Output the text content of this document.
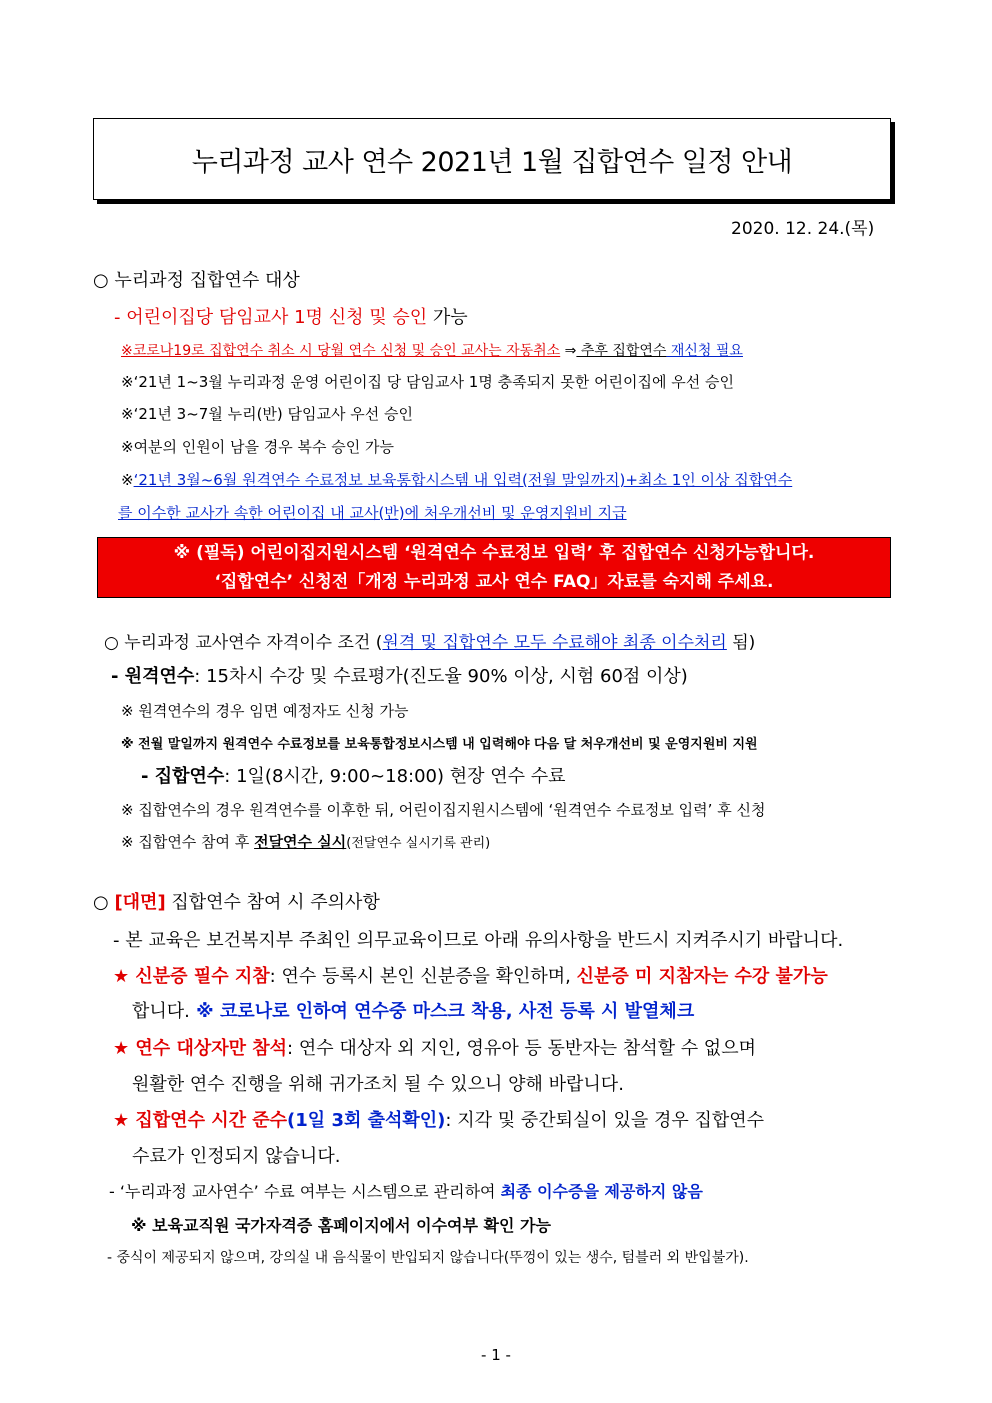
누리과정 교사 연수 2021년 1월 집합연수 일정 안내
2020. 12. 24.(목)
○ 누리과정 집합연수 대상
- 어린이집당 담임교사 1명 신청 및 승인 가능
※코로나19로 집합연수 취소 시 당월 연수 신청 및 승인 교사는 자동취소 ⇒ 추후 집합연수 재신청 필요
※‘21년 1~3월 누리과정 운영 어린이집 당 담임교사 1명 충족되지 못한 어린이집에 우선 승인
※‘21년 3~7월 누리(반) 담임교사 우선 승인
※여분의 인원이 남을 경우 복수 승인 가능
※‘21년 3월~6월 원격연수 수료정보 보육통합시스템 내 입력(전월 말일까지)+최소 1인 이상 집합연수
를 이수한 교사가 속한 어린이집 내 교사(반)에 처우개선비 및 운영지원비 지급
※ (필독) 어린이집지원시스템 ‘원격연수 수료정보 입력’ 후 집합연수 신청가능합니다.
‘집합연수’ 신청전「개정 누리과정 교사 연수 FAQ」자료를 숙지해 주세요.
○ 누리과정 교사연수 자격이수 조건 (원격 및 집합연수 모두 수료해야 최종 이수처리 됨)
- 원격연수: 15차시 수강 및 수료평가(진도율 90% 이상, 시험 60점 이상)
※ 원격연수의 경우 임면 예정자도 신청 가능
※ 전월 말일까지 원격연수 수료정보를 보육통합정보시스템 내 입력해야 다음 달 처우개선비 및 운영지원비 지원
- 집합연수: 1일(8시간, 9:00~18:00) 현장 연수 수료
※ 집합연수의 경우 원격연수를 이후한 뒤, 어린이집지원시스템에 ‘원격연수 수료정보 입력’ 후 신청
※ 집합연수 참여 후 전달연수 실시(전달연수 실시기록 관리)
○ [대면] 집합연수 참여 시 주의사항
- 본 교육은 보건복지부 주최인 의무교육이므로 아래 유의사항을 반드시 지켜주시기 바랍니다.
★ 신분증 필수 지참: 연수 등록시 본인 신분증을 확인하며, 신분증 미 지참자는 수강 불가능
합니다. ※ 코로나로 인하여 연수중 마스크 착용, 사전 등록 시 발열체크
★ 연수 대상자만 참석: 연수 대상자 외 지인, 영유아 등 동반자는 참석할 수 없으며
원활한 연수 진행을 위해 귀가조치 될 수 있으니 양해 바랍니다.
★ 집합연수 시간 준수(1일 3회 출석확인): 지각 및 중간퇴실이 있을 경우 집합연수
수료가 인정되지 않습니다.
- ‘누리과정 교사연수’ 수료 여부는 시스템으로 관리하여 최종 이수증을 제공하지 않음
※ 보육교직원 국가자격증 홈페이지에서 이수여부 확인 가능
- 중식이 제공되지 않으며, 강의실 내 음식물이 반입되지 않습니다(뚜껑이 있는 생수, 텀블러 외 반입불가).
- 1 -
